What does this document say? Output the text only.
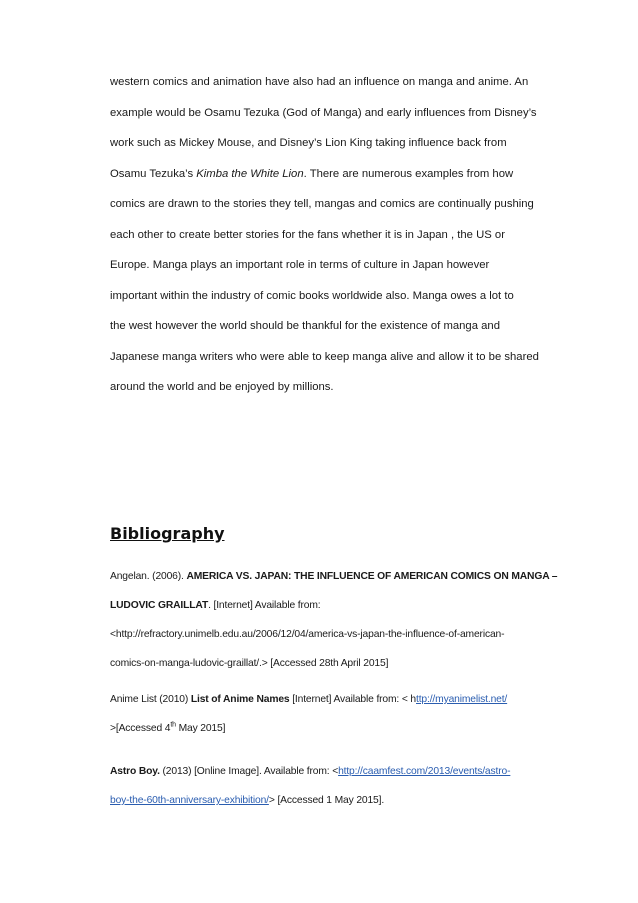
western comics and animation have also had an influence on manga and anime. An
example would be Osamu Tezuka (God of Manga) and early influences from Disney’s
work such as Mickey Mouse, and Disney’s Lion King taking influence back from
Osamu Tezuka’s Kimba the White Lion. There are numerous examples from how
comics are drawn to the stories they tell, mangas and comics are continually pushing
each other to create better stories for the fans whether it is in Japan , the US or
Europe. Manga plays an important role in terms of culture in Japan however
important within the industry of comic books worldwide also. Manga owes a lot to
the west however the world should be thankful for the existence of manga and
Japanese manga writers who were able to keep manga alive and allow it to be shared
around the world and be enjoyed by millions.
Bibliography
Angelan. (2006). AMERICA VS. JAPAN: THE INFLUENCE OF AMERICAN COMICS ON MANGA –
LUDOVIC GRAILLAT. [Internet] Available from:
<http://refractory.unimelb.edu.au/2006/12/04/america-vs-japan-the-influence-of-american-
comics-on-manga-ludovic-graillat/.> [Accessed 28th April 2015]
Anime List (2010) List of Anime Names [Internet] Available from: < http://myanimelist.net/
>[Accessed 4th May 2015]
Astro Boy. (2013) [Online Image]. Available from: <http://caamfest.com/2013/events/astro-
boy-the-60th-anniversary-exhibition/> [Accessed 1 May 2015].
